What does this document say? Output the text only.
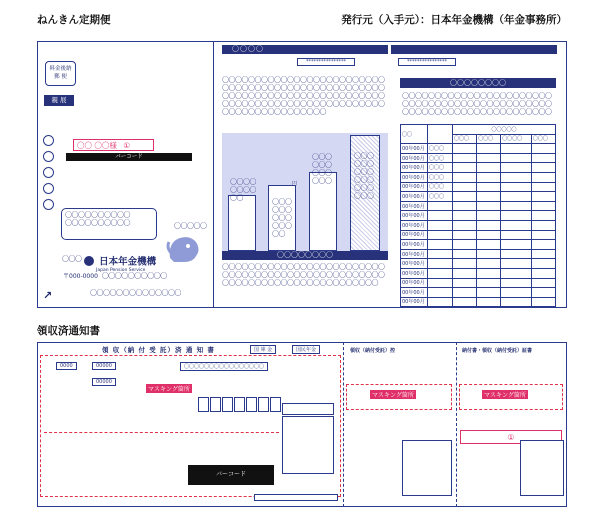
ねんきん定期便	発行元（入手元）：日本年金機構（年金事務所）
料金後納
郵 便
親 展
〇〇 〇〇様 ①
バーコード
〇〇〇〇〇〇〇〇〇〇
〇〇〇〇〇〇〇〇〇〇	〇〇〇〇〇
〇〇〇	日本年金機構
Japan Pension Service
〒000-0000 〇〇〇〇〇〇〇〇〇〇
〇〇〇〇〇〇〇〇〇〇〇〇〇〇
↗
〇〇〇〇
****************	****************
〇〇〇〇〇〇〇〇〇〇〇〇〇〇〇〇〇〇〇〇〇〇〇〇〇〇〇〇〇〇〇〇〇〇〇〇〇〇〇〇〇〇〇〇〇〇〇〇〇〇〇〇〇〇〇〇〇〇〇〇〇〇〇〇〇〇〇〇〇〇〇〇〇〇〇〇〇〇〇〇〇〇〇〇〇〇〇〇〇〇〇〇〇〇〇〇〇〇〇〇〇〇〇〇〇〇〇〇〇〇〇〇〇〇〇〇
円
〇〇〇〇〇〇〇〇〇〇	〇〇〇〇〇〇〇〇〇〇〇〇〇〇
〇〇〇〇〇〇〇〇〇〇〇〇
〇〇〇〇〇〇〇〇〇〇〇〇〇〇〇〇〇〇
〇〇〇〇〇〇〇〇
〇〇〇〇〇〇〇〇〇〇〇〇〇〇〇〇〇〇〇〇〇〇〇〇〇〇〇〇〇〇〇〇〇〇〇〇〇〇〇〇〇〇〇〇〇〇〇〇〇〇〇〇〇〇〇〇〇〇〇〇〇〇〇〇〇〇〇〇〇〇〇〇〇〇
〇〇〇〇〇〇〇〇
〇〇〇〇〇〇〇〇〇〇〇〇〇〇〇〇〇〇〇〇〇〇〇〇〇〇〇〇〇〇〇〇〇〇〇〇〇〇〇〇〇〇〇〇〇〇〇〇〇〇〇〇〇〇〇〇〇〇〇〇〇〇〇〇〇〇〇〇〇
〇〇		〇〇〇〇〇			
		〇〇〇	〇〇〇	〇〇〇〇	〇〇〇
00年00月	〇〇〇				
00年00月	〇〇〇				
00年00月	〇〇〇				
00年00月	〇〇〇				
00年00月	〇〇〇				
00年00月	〇〇〇				
00年00月					
00年00月					
00年00月					
00年00月					
00年00月					
00年00月					
00年00月					
00年00月					
00年00月					
00年00月					
00年00月					
領収済通知書
領 収（納 付 受 託）済 通 知 書	国 庫 金	国民年金
0000	00000	〇〇〇〇〇〇〇〇〇〇〇〇〇〇〇〇
00000
マスキング箇所
バーコード
領収（納付受託）控
マスキング箇所
納付書・領収（納付受託）証書
マスキング箇所
①
